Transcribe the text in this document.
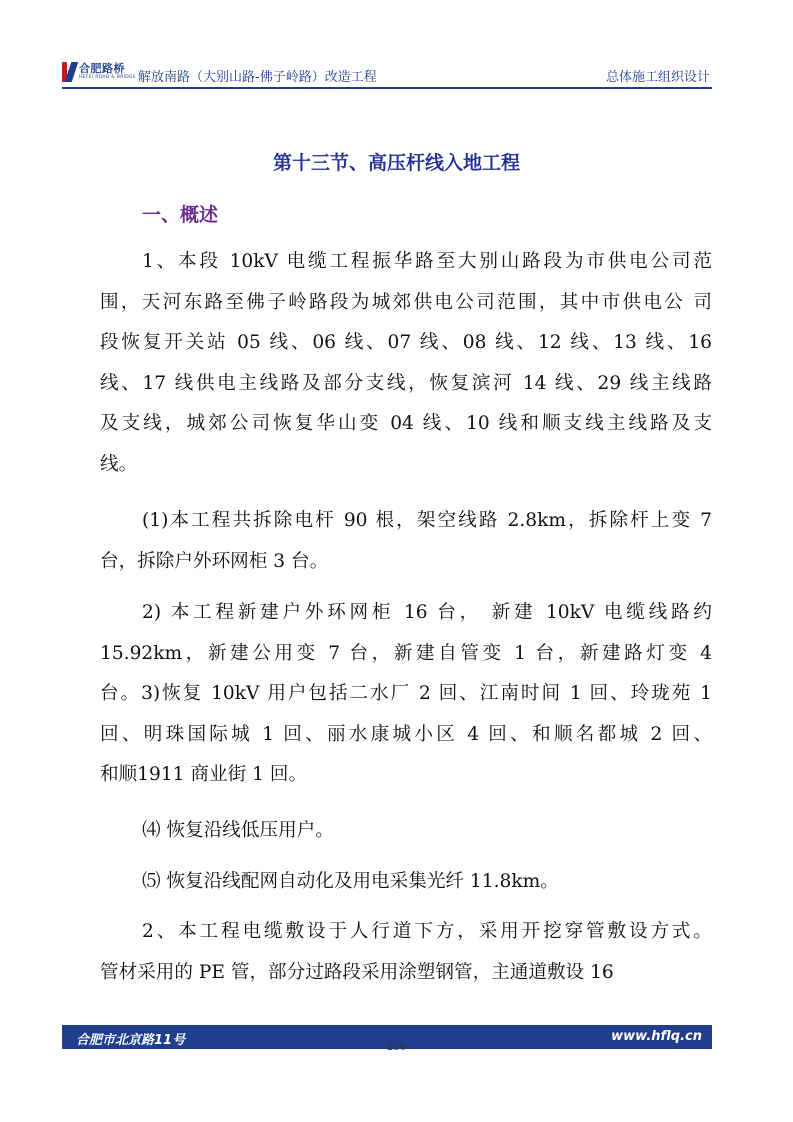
合肥路桥
HEFEI ROAD & BRIDGE 解放南路（大别山路-佛子岭路）改造工程	总体施工组织设计
第十三节、高压杆线入地工程
一、概述
1、本段 10kV 电缆工程振华路至大别山路段为市供电公司范
围，天河东路至佛子岭路段为城郊供电公司范围，其中市供电公 司
段恢复开关站 05 线、06 线、07 线、08 线、12 线、13 线、16
线、17 线供电主线路及部分支线，恢复滨河 14 线、29 线主线路
及支线，城郊公司恢复华山变 04 线、10 线和顺支线主线路及支
线。
(1)本工程共拆除电杆 90 根，架空线路 2.8km，拆除杆上变 7
台，拆除户外环网柜 3 台。
2) 本工程新建户外环网柜 16 台， 新建 10kV 电缆线路约
15.92km，新建公用变 7 台，新建自管变 1 台，新建路灯变 4
台。3)恢复 10kV 用户包括二水厂 2 回、江南时间 1 回、玲珑苑 1
回、明珠国际城 1 回、丽水康城小区 4 回、和顺名都城 2 回、
和顺1911 商业街 1 回。
⑷ 恢复沿线低压用户。
⑸ 恢复沿线配网自动化及用电采集光纤 11.8km。
2、本工程电缆敷设于人行道下方，采用开挖穿管敷设方式。
管材采用的 PE 管，部分过路段采用涂塑钢管，主通道敷设 16
合肥市北京路11号	www.hflq.cn
256
